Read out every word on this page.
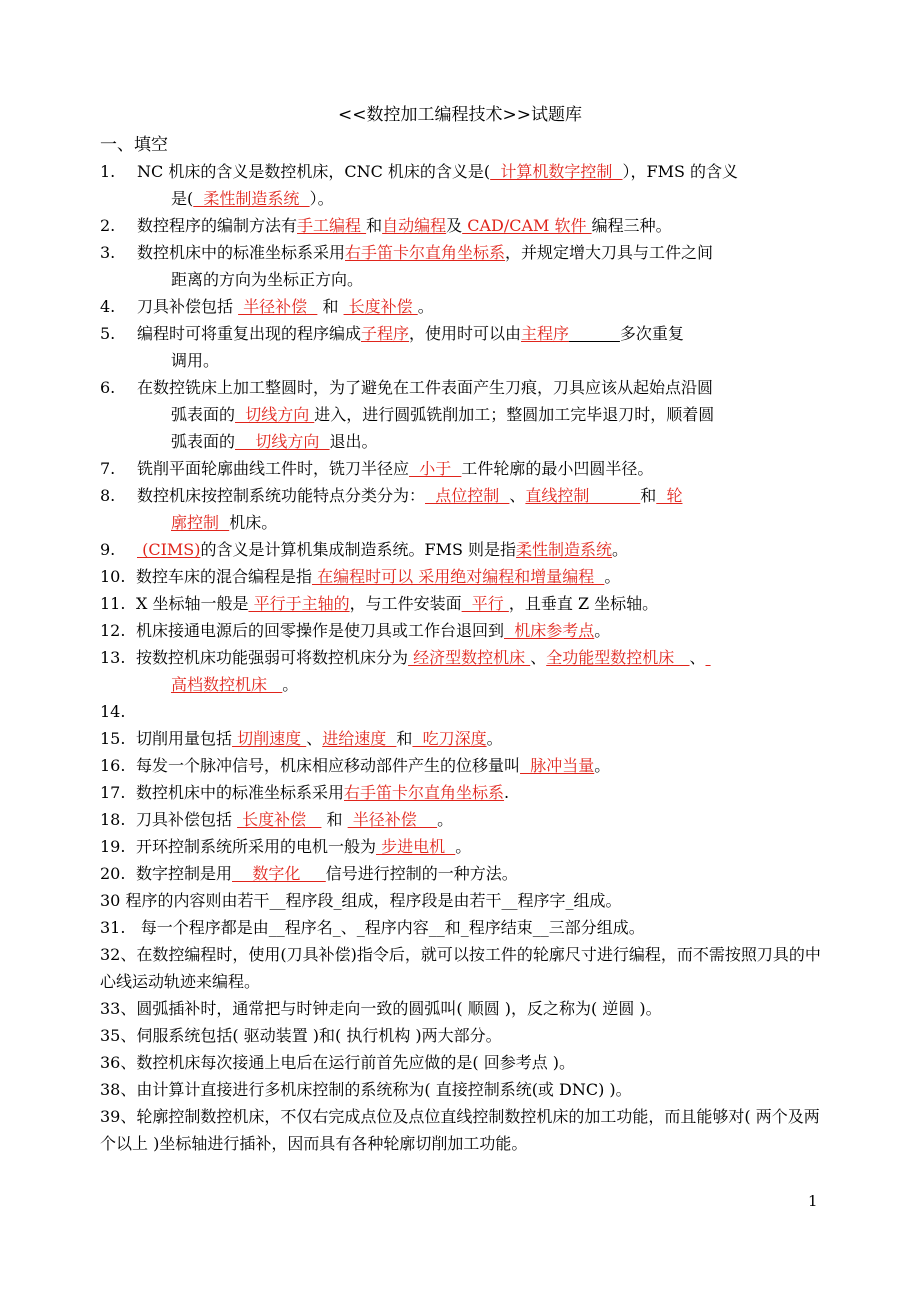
<<数控加工编程技术>>试题库
一、填空

1. NC 机床的含义是数控机床，CNC 机床的含义是(  计算机数字控制  ），FMS 的含义

是(  柔性制造系统  ）。

2. 数控程序的编制方法有手工编程 和自动编程及 CAD/CAM 软件 编程三种。

3. 数控机床中的标准坐标系采用右手笛卡尔直角坐标系，并规定增大刀具与工件之间

距离的方向为坐标正方向。

4. 刀具补偿包括  半径补偿   和  长度补偿 。

5. 编程时可将重复出现的程序编成子程序，使用时可以由主程序	多次重复

调用。

6. 在数控铣床上加工整圆时，为了避免在工件表面产生刀痕，刀具应该从起始点沿圆

弧表面的  切线方向 进入，进行圆弧铣削加工；整圆加工完毕退刀时，顺着圆

弧表面的    切线方向  退出。

7. 铣削平面轮廓曲线工件时，铣刀半径应  小于  工件轮廓的最小凹圆半径。

8. 数控机床按控制系统功能特点分类分为：  点位控制  、直线控制          和  轮

廓控制  机床。

9. (CIMS)的含义是计算机集成制造系统。FMS 则是指柔性制造系统。

10. 数控车床的混合编程是指 在编程时可以 采用绝对编程和增量编程  。

11. X 坐标轴一般是 平行于主轴的，与工件安装面  平行 ，且垂直 Z 坐标轴。

12. 机床接通电源后的回零操作是使刀具或工作台退回到  机床参考点。

13. 按数控机床功能强弱可将数控机床分为 经济型数控机床 、全功能型数控机床   、

高档数控机床   。

14.

15. 切削用量包括 切削速度 、进给速度  和  吃刀深度。

16. 每发一个脉冲信号，机床相应移动部件产生的位移量叫  脉冲当量。

17. 数控机床中的标准坐标系采用右手笛卡尔直角坐标系.

18. 刀具补偿包括  长度补偿    和  半径补偿    。

19. 开环控制系统所采用的电机一般为 步进电机  。

20. 数字控制是用    数字化     信号进行控制的一种方法。

30 程序的内容则由若干__程序段_组成，程序段是由若干__程序字_组成。

31.   每一个程序都是由__程序名_、_程序内容__和_程序结束__三部分组成。

32、在数控编程时，使用(刀具补偿)指令后，就可以按工件的轮廓尺寸进行编程，而不需按照刀具的中心线运动轨迹来编程。

33、圆弧插补时，通常把与时钟走向一致的圆弧叫( 顺圆 )，反之称为( 逆圆 )。

35、伺服系统包括( 驱动装置 )和( 执行机构 )两大部分。

36、数控机床每次接通上电后在运行前首先应做的是( 回参考点 )。

38、由计算计直接进行多机床控制的系统称为( 直接控制系统(或 DNC) )。

39、轮廓控制数控机床，不仅右完成点位及点位直线控制数控机床的加工功能，而且能够对( 两个及两个以上 )坐标轴进行插补，因而具有各种轮廓切削加工功能。

1
